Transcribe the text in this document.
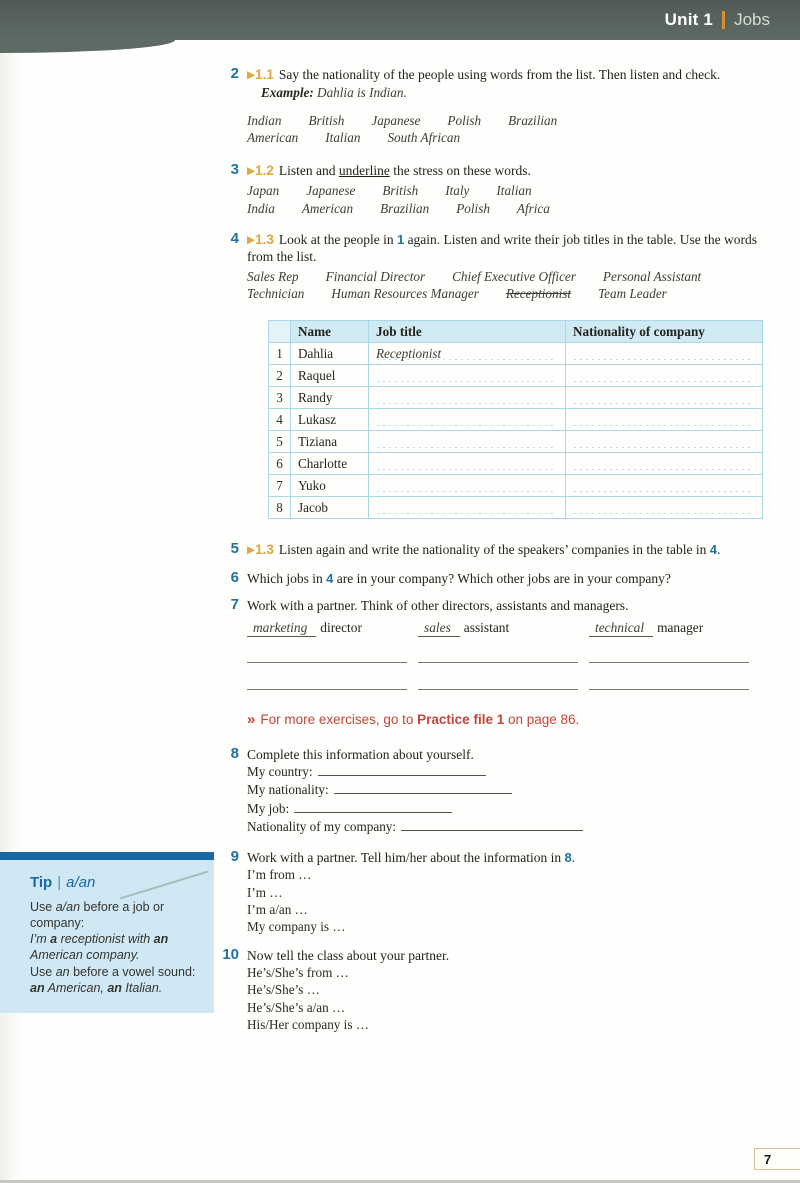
Unit 1 Jobs
2 ▶1.1 Say the nationality of the people using words from the list. Then listen and check.

Example: Dahlia is Indian.

Indian British Japanese Polish Brazilian
American Italian South African
3 ▶1.2 Listen and underline the stress on these words.

Japan Japanese British Italy Italian
India American Brazilian Polish Africa
4 ▶1.3 Look at the people in 1 again. Listen and write their job titles in the table. Use the words from the list.

Sales Rep Financial Director Chief Executive Officer Personal Assistant
Technician Human Resources Manager Receptionist Team Leader
	Name	Job title	Nationality of company
1	Dahlia	Receptionist	
2	Raquel		
3	Randy		
4	Lukasz		
5	Tiziana		
6	Charlotte		
7	Yuko		
8	Jacob		
5 ▶1.3 Listen again and write the nationality of the speakers’ companies in the table in 4.

6 Which jobs in 4 are in your company? Which other jobs are in your company?

7 Work with a partner. Think of other directors, assistants and managers.

marketing director	sales assistant	technical manager

» For more exercises, go to Practice file 1 on page 86.

8 Complete this information about yourself.

My country:
My nationality:
My job:
Nationality of my company:
9 Work with a partner. Tell him/her about the information in 8.

I’m from …
I’m …
I’m a/an …
My company is …
10 Now tell the class about your partner.

He’s/She’s from …
He’s/She’s …
He’s/She’s a/an …
His/Her company is …
Tip | a/an
Use a/an before a job or company:
I’m a receptionist with an American company.
Use an before a vowel sound:
an American, an Italian.
7
